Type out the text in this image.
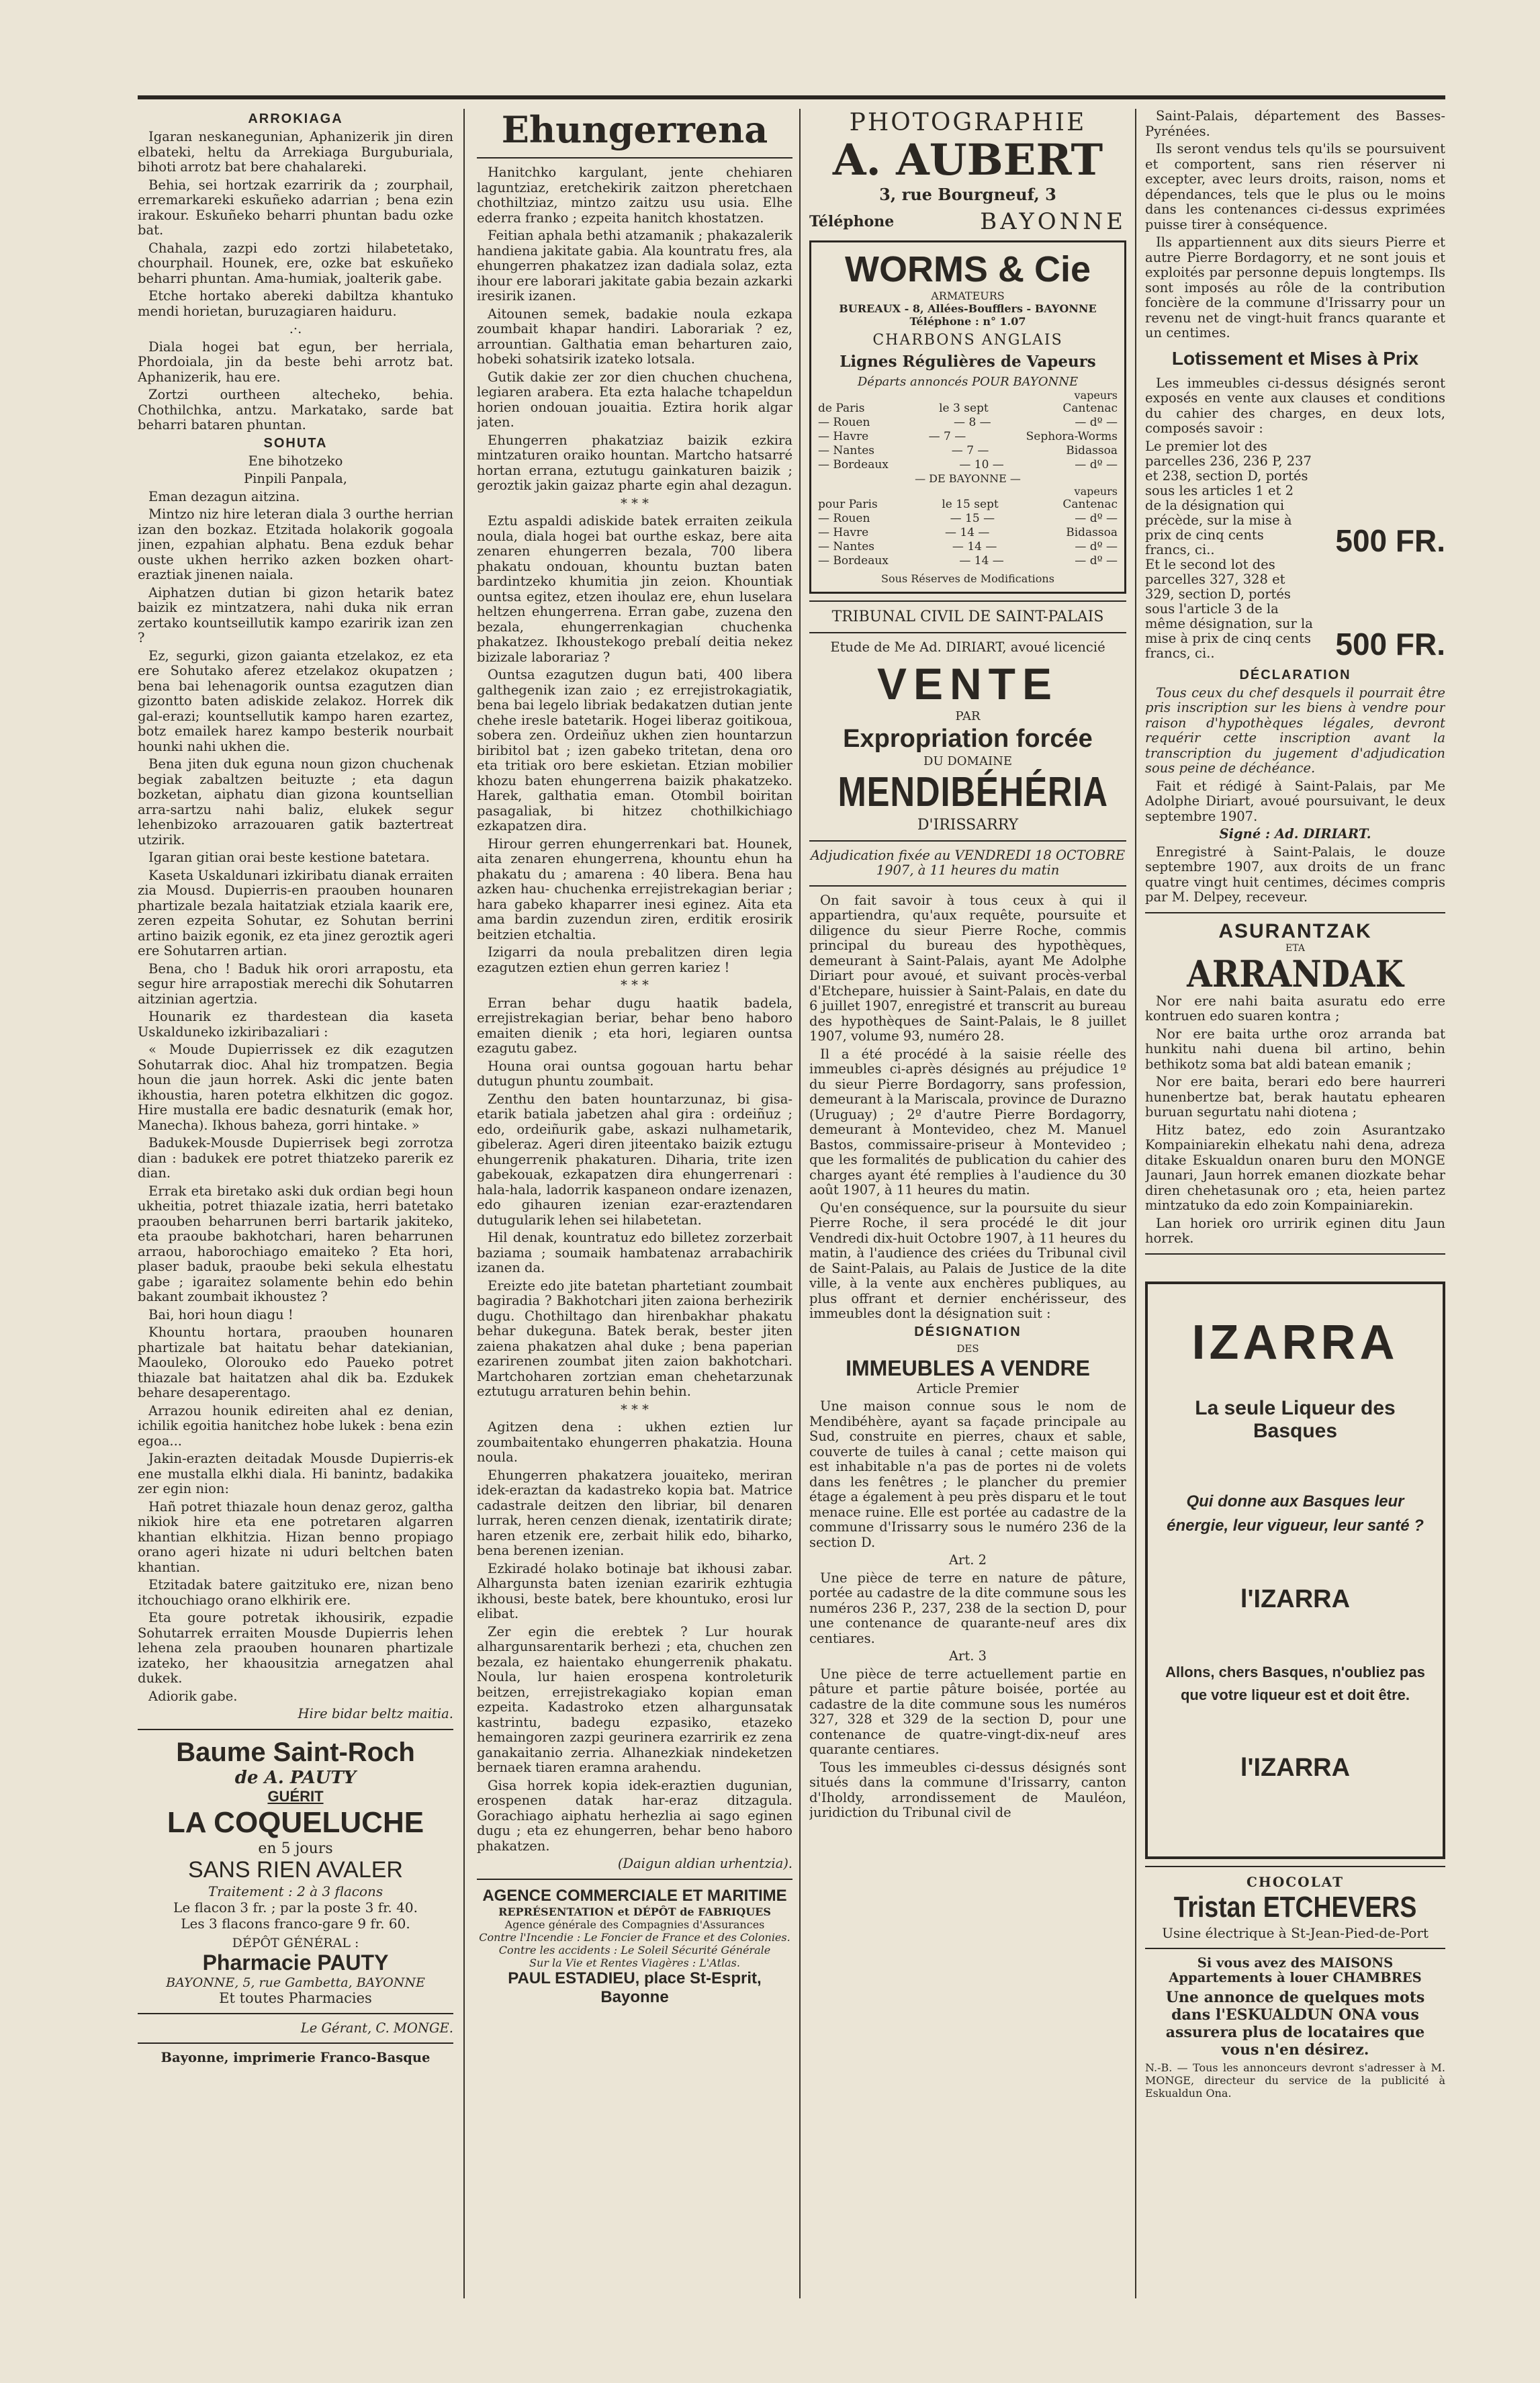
ARROKIAGA

Igaran neskanegunian, Aphanizerik jin diren elbateki, heltu da Arrekiaga Burguburiala, bihoti arrotz bat bere chahalareki.

Behia, sei hortzak ezarririk da ; zourphail, erremarkareki eskuñeko adarrian ; bena ezin irakour. Eskuñeko beharri phuntan badu ozke bat.

Chahala, zazpi edo zortzi hilabetetako, chourphail. Hounek, ere, ozke bat eskuñeko beharri phuntan. Ama-humiak, joalterik gabe.

Etche hortako abereki dabiltza khantuko mendi horietan, buruzagiaren haiduru.

.·.

Diala hogei bat egun, ber herriala, Phordoiala, jin da beste behi arrotz bat. Aphanizerik, hau ere.

Zortzi ourtheen altecheko, behia. Chothilchka, antzu. Markatako, sarde bat beharri bataren phuntan.

SOHUTA

Ene bihotzeko

Pinpili Panpala,

Eman dezagun aitzina.

Mintzo niz hire leteran diala 3 ourthe herrian izan den bozkaz. Etzitada holakorik gogoala jinen, ezpahian alphatu. Bena ezduk behar ouste ukhen herriko azken bozken ohart-eraztiak jinenen naiala.

Aiphatzen dutian bi gizon hetarik batez baizik ez mintzatzera, nahi duka nik erran zertako kountseillutik kampo ezaririk izan zen ?

Ez, segurki, gizon gaianta etzelakoz, ez eta ere Sohutako aferez etzelakoz okupatzen ; bena bai lehenagorik ountsa ezagutzen dian gizontto baten adiskide zelakoz. Horrek dik gal-erazi; kountsellutik kampo haren ezartez, botz emailek harez kampo besterik nourbait hounki nahi ukhen die.

Bena jiten duk eguna noun gizon chuchenak begiak zabaltzen beituzte ; eta dagun bozketan, aiphatu dian gizona kountsellian arra-sartzu nahi baliz, elukek segur lehenbizoko arrazouaren gatik baztertreat utzirik.

Igaran gitian orai beste kestione batetara.

Kaseta Uskaldunari izkiribatu dianak erraiten zia Mousd. Dupierris-en praouben hounaren phartizale bezala haitatziak etziala kaarik ere, zeren ezpeita Sohutar, ez Sohutan berrini artino baizik egonik, ez eta jinez geroztik ageri ere Sohutarren artian.

Bena, cho ! Baduk hik orori arrapostu, eta segur hire arrapostiak merechi dik Sohutarren aitzinian agertzia.

Hounarik ez thardestean dia kaseta Uskalduneko izkiribazaliari :

« Moude Dupierrissek ez dik ezagutzen Sohutarrak dioc. Ahal hiz trompatzen. Begia houn die jaun horrek. Aski dic jente baten ikhoustia, haren potetra elkhitzen dic gogoz. Hire mustalla ere badic desnaturik (emak hor, Manecha). Ikhous baheza, gorri hintake. »

Badukek-Mousde Dupierrisek begi zorrotza dian : badukek ere potret thiatzeko parerik ez dian.

Errak eta biretako aski duk ordian begi houn ukheitia, potret thiazale izatia, herri batetako praouben beharrunen berri bartarik jakiteko, eta praoube bakhotchari, haren beharrunen arraou, haborochiago emaiteko ? Eta hori, plaser baduk, praoube beki sekula elhestatu gabe ; igaraitez solamente behin edo behin bakant zoumbait ikhoustez ?

Bai, hori houn diagu !

Khountu hortara, praouben hounaren phartizale bat haitatu behar datekianian, Maouleko, Olorouko edo Paueko potret thiazale bat haitatzen ahal dik ba. Ezdukek behare desaperentago.

Arrazou hounik edireiten ahal ez denian, ichilik egoitia hanitchez hobe lukek : bena ezin egoa...

Jakin-erazten deitadak Mousde Dupierris-ek ene mustalla elkhi diala. Hi banintz, badakika zer egin nion:

Hañ potret thiazale houn denaz geroz, galtha nikiok hire eta ene potretaren algarren khantian elkhitzia. Hizan benno propiago orano ageri hizate ni uduri beltchen baten khantian.

Etzitadak batere gaitzituko ere, nizan beno itchouchiago orano elkhirik ere.

Eta goure potretak ikhousirik, ezpadie Sohutarrek erraiten Mousde Dupierris lehen lehena zela praouben hounaren phartizale izateko, her khaousitzia arnegatzen ahal dukek.

Adiorik gabe.

Hire bidar beltz maitia.

Baume Saint-Roch
de A. PAUTY
GUÉRIT
LA COQUELUCHE
en 5 jours
SANS RIEN AVALER
Traitement : 2 à 3 flacons
Le flacon 3 fr. ; par la poste 3 fr. 40.
Les 3 flacons franco-gare 9 fr. 60.
DÉPÔT GÉNÉRAL :
Pharmacie PAUTY
BAYONNE, 5, rue Gambetta, BAYONNE
Et toutes Pharmacies

Le Gérant, C. MONGE.

Bayonne, imprimerie Franco-Basque

Ehungerrena

Hanitchko kargulant, jente chehiaren laguntziaz, eretchekirik zaitzon pheretchaen chothiltziaz, mintzo zaitzu usu usia. Elhe ederra franko ; ezpeita hanitch khostatzen.

Feitian aphala bethi atzamanik ; phakazalerik handiena jakitate gabia. Ala kountratu fres, ala ehungerren phakatzez izan dadiala solaz, ezta ihour ere laborari jakitate gabia bezain azkarki iresirik izanen.

Aitounen semek, badakie noula ezkapa zoumbait khapar handiri. Laborariak ? ez, arrountian. Galthatia eman beharturen zaio, hobeki sohatsirik izateko lotsala.

Gutik dakie zer zor dien chuchen chuchena, legiaren arabera. Eta ezta halache tchapeldun horien ondouan jouaitia. Eztira horik algar jaten.

Ehungerren phakatziaz baizik ezkira mintzaturen oraiko hountan. Martcho hatsarré hortan errana, eztutugu gainkaturen baizik ; geroztik jakin gaizaz pharte egin ahal dezagun.

* * *

Eztu aspaldi adiskide batek erraiten zeikula noula, diala hogei bat ourthe eskaz, bere aita zenaren ehungerren bezala, 700 libera phakatu ondouan, khountu buztan baten bardintzeko khumitia jin zeion. Khountiak ountsa egitez, etzen ihoulaz ere, ehun luselara heltzen ehungerrena. Erran gabe, zuzena den bezala, ehungerrenkagian chuchenka phakatzez. Ikhoustekogo prebalí deitia nekez bizizale laborariaz ?

Ountsa ezagutzen dugun bati, 400 libera galthegenik izan zaio ; ez errejistrokagiatik, bena bai legelo libriak bedakatzen dutian jente chehe iresle batetarik. Hogei liberaz goitikoua, sobera zen. Ordeiñuz ukhen zien hountarzun biribitol bat ; izen gabeko tritetan, dena oro eta tritiak oro bere eskietan. Etzian mobilier khozu baten ehungerrena baizik phakatzeko. Harek, galthatia eman. Otombil boiritan pasagaliak, bi hitzez chothilkichiago ezkapatzen dira.

Hirour gerren ehungerrenkari bat. Hounek, aita zenaren ehungerrena, khountu ehun ha phakatu du ; amarena : 40 libera. Bena hau azken hau- chuchenka errejistrekagian beriar ; hara gabeko khaparrer inesi eginez. Aita eta ama bardin zuzendun ziren, erditik erosirik beitzien etchaltia.

Izigarri da noula prebalitzen diren legia ezagutzen eztien ehun gerren kariez !

* * *

Erran behar dugu haatik badela, errejistrekagian beriar, behar beno haboro emaiten dienik ; eta hori, legiaren ountsa ezagutu gabez.

Houna orai ountsa gogouan hartu behar dutugun phuntu zoumbait.

Zenthu den baten hountarzunaz, bi gisa-etarik batiala jabetzen ahal gira : ordeiñuz ; edo, ordeiñurik gabe, askazi nulhametarik, gibeleraz. Ageri diren jiteentako baizik eztugu ehungerrenik phakaturen. Diharia, trite izen gabekouak, ezkapatzen dira ehungerrenari : hala-hala, ladorrik kaspaneon ondare izenazen, edo gihauren izenian ezar-eraztendaren dutugularik lehen sei hilabetetan.

Hil denak, kountratuz edo billetez zorzerbait baziama ; soumaik hambatenaz arrabachirik izanen da.

Ereizte edo jite batetan phartetiant zoumbait bagiradia ? Bakhotchari jiten zaiona berhezirik dugu. Chothiltago dan hirenbakhar phakatu behar dukeguna. Batek berak, bester jiten zaiena phakatzen ahal duke ; bena paperian ezarirenen zoumbat jiten zaion bakhotchari. Martchoharen zortzian eman chehetarzunak eztutugu arraturen behin behin.

* * *

Agitzen dena : ukhen eztien lur zoumbaitentako ehungerren phakatzia. Houna noula.

Ehungerren phakatzera jouaiteko, meriran idek-eraztan da kadastreko kopia bat. Matrice cadastrale deitzen den libriar, bil denaren lurrak, heren cenzen dienak, izentatirik dirate; haren etzenik ere, zerbait hilik edo, biharko, bena berenen izenian.

Ezkiradé holako botinaje bat ikhousi zabar. Alhargunsta baten izenian ezaririk ezhtugia ikhousi, beste batek, bere khountuko, erosi lur elibat.

Zer egin die erebtek ? Lur hourak alhargunsarentarik berhezi ; eta, chuchen zen bezala, ez haientako ehungerrenik phakatu. Noula, lur haien erospena kontroleturik beitzen, errejistrekagiako kopian eman ezpeita. Kadastroko etzen alhargunsatak kastrintu, badegu ezpasiko, etazeko hemaingoren zazpi geurinera ezarririk ez zena ganakaitanio zerria. Alhanezkiak nindeketzen bernaek tiaren eramna arahendu.

Gisa horrek kopia idek-eraztien dugunian, erospenen datak har-eraz ditzagula. Gorachiago aiphatu herhezlia ai sago eginen dugu ; eta ez ehungerren, behar beno haboro phakatzen.

(Daigun aldian urhentzia).

AGENCE COMMERCIALE ET MARITIME
REPRÉSENTATION et DÉPÔT de FABRIQUES
Agence générale des Compagnies d'Assurances
Contre l'Incendie : Le Foncier de France et des Colonies.
Contre les accidents : Le Soleil Sécurité Générale
Sur la Vie et Rentes Viagères : L'Atlas.
PAUL ESTADIEU, place St-Esprit, Bayonne
PHOTOGRAPHIE
A. AUBERT
3, rue Bourgneuf, 3
Téléphone	BAYONNE
WORMS & Cie
ARMATEURS
BUREAUX - 8, Allées-Boufflers - BAYONNE
Téléphone : n° 1.07
CHARBONS ANGLAIS
Lignes Régulières de Vapeurs
Départs annoncés POUR BAYONNE
vapeurs
de Paris	le 3 sept	Cantenac
— Rouen	— 8 —	— dº —
— Havre	— 7 —	Sephora-Worms
— Nantes	— 7 —	Bidassoa
— Bordeaux	— 10 —	— dº —
— DE BAYONNE —
vapeurs
pour Paris	le 15 sept	Cantenac
— Rouen	— 15 —	— dº —
— Havre	— 14 —	Bidassoa
— Nantes	— 14 —	— dº —
— Bordeaux	— 14 —	— dº —
Sous Réserves de Modifications
TRIBUNAL CIVIL DE SAINT-PALAIS

Etude de Me Ad. DIRIART, avoué licencié

VENTE
PAR
Expropriation forcée
DU DOMAINE
MENDIBÉHÉRIA
D'IRISSARRY

Adjudication fixée au VENDREDI 18 OCTOBRE 1907, à 11 heures du matin

On fait savoir à tous ceux à qui il appartiendra, qu'aux requête, poursuite et diligence du sieur Pierre Roche, commis principal du bureau des hypothèques, demeurant à Saint-Palais, ayant Me Adolphe Diriart pour avoué, et suivant procès-verbal d'Etchepare, huissier à Saint-Palais, en date du 6 juillet 1907, enregistré et transcrit au bureau des hypothèques de Saint-Palais, le 8 juillet 1907, volume 93, numéro 28.

Il a été procédé à la saisie réelle des immeubles ci-après désignés au préjudice 1º du sieur Pierre Bordagorry, sans profession, demeurant à la Mariscala, province de Durazno (Uruguay) ; 2º d'autre Pierre Bordagorry, demeurant à Montevideo, chez M. Manuel Bastos, commissaire-priseur à Montevideo ; que les formalités de publication du cahier des charges ayant été remplies à l'audience du 30 août 1907, à 11 heures du matin.

Qu'en conséquence, sur la poursuite du sieur Pierre Roche, il sera procédé le dit jour Vendredi dix-huit Octobre 1907, à 11 heures du matin, à l'audience des criées du Tribunal civil de Saint-Palais, au Palais de Justice de la dite ville, à la vente aux enchères publiques, au plus offrant et dernier enchérisseur, des immeubles dont la désignation suit :

DÉSIGNATION
DES
IMMEUBLES A VENDRE

Article Premier

Une maison connue sous le nom de Mendibéhère, ayant sa façade principale au Sud, construite en pierres, chaux et sable, couverte de tuiles à canal ; cette maison qui est inhabitable n'a pas de portes ni de volets dans les fenêtres ; le plancher du premier étage a également à peu près disparu et le tout menace ruine. Elle est portée au cadastre de la commune d'Irissarry sous le numéro 236 de la section D.

Art. 2

Une pièce de terre en nature de pâture, portée au cadastre de la dite commune sous les numéros 236 P., 237, 238 de la section D, pour une contenance de quarante-neuf ares dix centiares.

Art. 3

Une pièce de terre actuellement partie en pâture et partie pâture boisée, portée au cadastre de la dite commune sous les numéros 327, 328 et 329 de la section D, pour une contenance de quatre-vingt-dix-neuf ares quarante centiares.

Tous les immeubles ci-dessus désignés sont situés dans la commune d'Irissarry, canton d'Iholdy, arrondissement de Mauléon, juridiction du Tribunal civil de

Saint-Palais, département des Basses-Pyrénées.

Ils seront vendus tels qu'ils se poursuivent et comportent, sans rien réserver ni excepter, avec leurs droits, raison, noms et dépendances, tels que le plus ou le moins dans les contenances ci-dessus exprimées puisse tirer à conséquence.

Ils appartiennent aux dits sieurs Pierre et autre Pierre Bordagorry, et ne sont jouis et exploités par personne depuis longtemps. Ils sont imposés au rôle de la contribution foncière de la commune d'Irissarry pour un revenu net de vingt-huit francs quarante et un centimes.

Lotissement et Mises à Prix

Les immeubles ci-dessus désignés seront exposés en vente aux clauses et conditions du cahier des charges, en deux lots, composés savoir :

Le premier lot des parcelles 236, 236 P, 237 et 238, section D, portés sous les articles 1 et 2 de la désignation qui précède, sur la mise à prix de cinq cents francs, ci..	500 FR.
Et le second lot des parcelles 327, 328 et 329, section D, portés sous l'article 3 de la même désignation, sur la mise à prix de cinq cents francs, ci..	500 FR.
DÉCLARATION

Tous ceux du chef desquels il pourrait être pris inscription sur les biens à vendre pour raison d'hypothèques légales, devront requérir cette inscription avant la transcription du jugement d'adjudication sous peine de déchéance.

Fait et rédigé à Saint-Palais, par Me Adolphe Diriart, avoué poursuivant, le deux septembre 1907.

Signé : Ad. DIRIART.

Enregistré à Saint-Palais, le douze septembre 1907, aux droits de un franc quatre vingt huit centimes, décimes compris par M. Delpey, receveur.

ASURANTZAK
ETA
ARRANDAK

Nor ere nahi baita asuratu edo erre kontruen edo suaren kontra ;

Nor ere baita urthe oroz arranda bat hunkitu nahi duena bil artino, behin bethikotz soma bat aldi batean emanik ;

Nor ere baita, berari edo bere haurreri hunenbertze bat, berak hautatu ephearen buruan segurtatu nahi diotena ;

Hitz batez, edo zoin Asurantzako Kompainiarekin elhekatu nahi dena, adreza ditake Eskualdun onaren buru den MONGE Jaunari, Jaun horrek emanen diozkate behar diren chehetasunak oro ; eta, heien partez mintzatuko da edo zoin Kompainiarekin.

Lan horiek oro urririk eginen ditu Jaun horrek.

IZARRA
La seule Liqueur des Basques
Qui donne aux Basques leur énergie, leur vigueur, leur santé ?
l'IZARRA
Allons, chers Basques, n'oubliez pas que votre liqueur est et doit être.
l'IZARRA
CHOCOLAT
Tristan ETCHEVERS
Usine électrique à St-Jean-Pied-de-Port

Si vous avez des MAISONS Appartements à louer CHAMBRES

Une annonce de quelques mots dans l'ESKUALDUN ONA vous assurera plus de locataires que vous n'en désirez.

N.-B. — Tous les annonceurs devront s'adresser à M. MONGE, directeur du service de la publicité à Eskualdun Ona.
